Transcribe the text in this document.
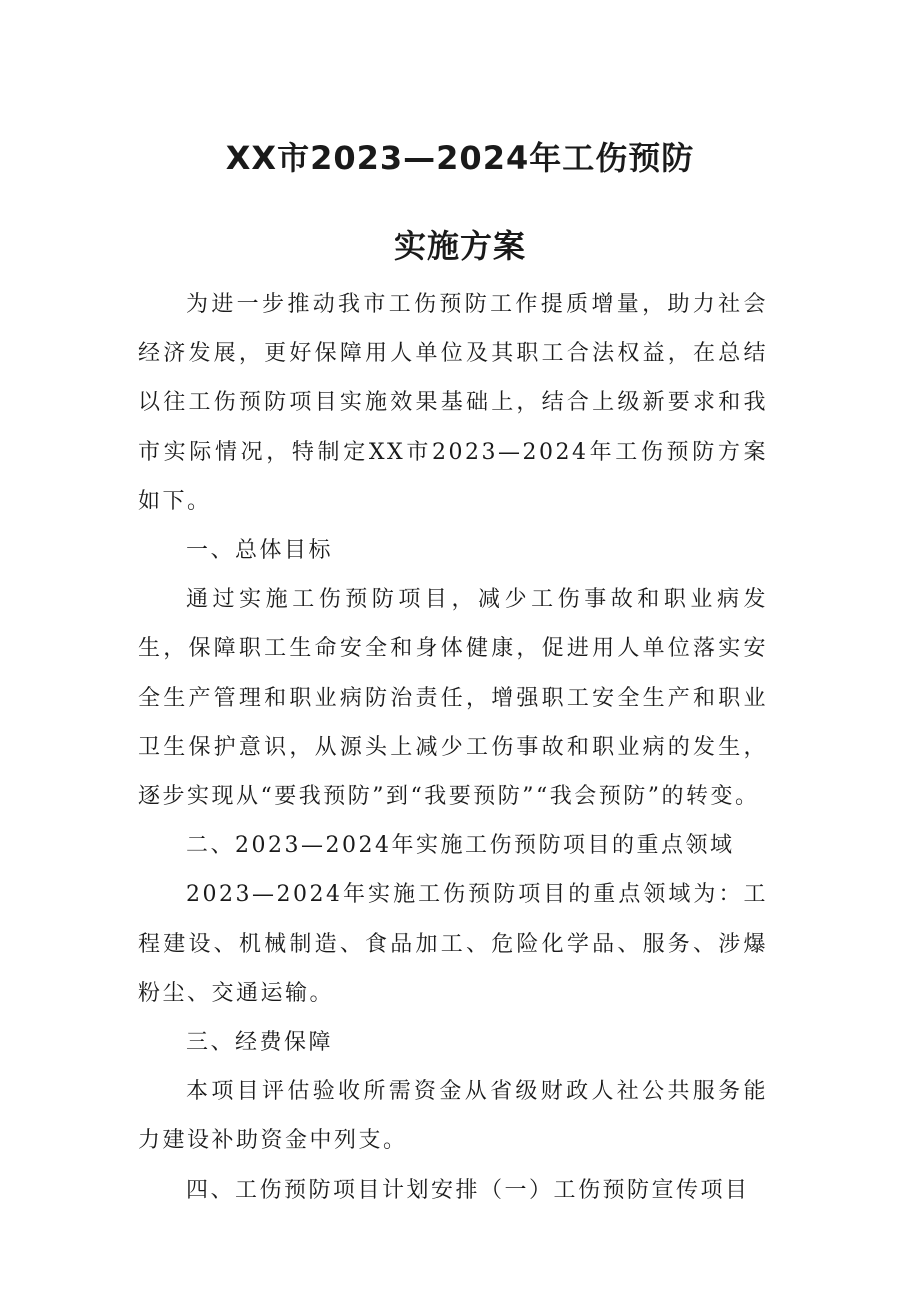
XX市2023—2024年工伤预防
实施方案

为进一步推动我市工伤预防工作提质增量，助力社会经济发展，更好保障用人单位及其职工合法权益，在总结以往工伤预防项目实施效果基础上，结合上级新要求和我市实际情况，特制定XX市2023—2024年工伤预防方案如下。

一、总体目标

通过实施工伤预防项目，减少工伤事故和职业病发生，保障职工生命安全和身体健康，促进用人单位落实安全生产管理和职业病防治责任，增强职工安全生产和职业卫生保护意识，从源头上减少工伤事故和职业病的发生，逐步实现从“要我预防”到“我要预防”“我会预防”的转变。

二、2023—2024年实施工伤预防项目的重点领域

2023—2024年实施工伤预防项目的重点领域为：工程建设、机械制造、食品加工、危险化学品、服务、涉爆粉尘、交通运输。

三、经费保障

本项目评估验收所需资金从省级财政人社公共服务能力建设补助资金中列支。

四、工伤预防项目计划安排（一）工伤预防宣传项目
